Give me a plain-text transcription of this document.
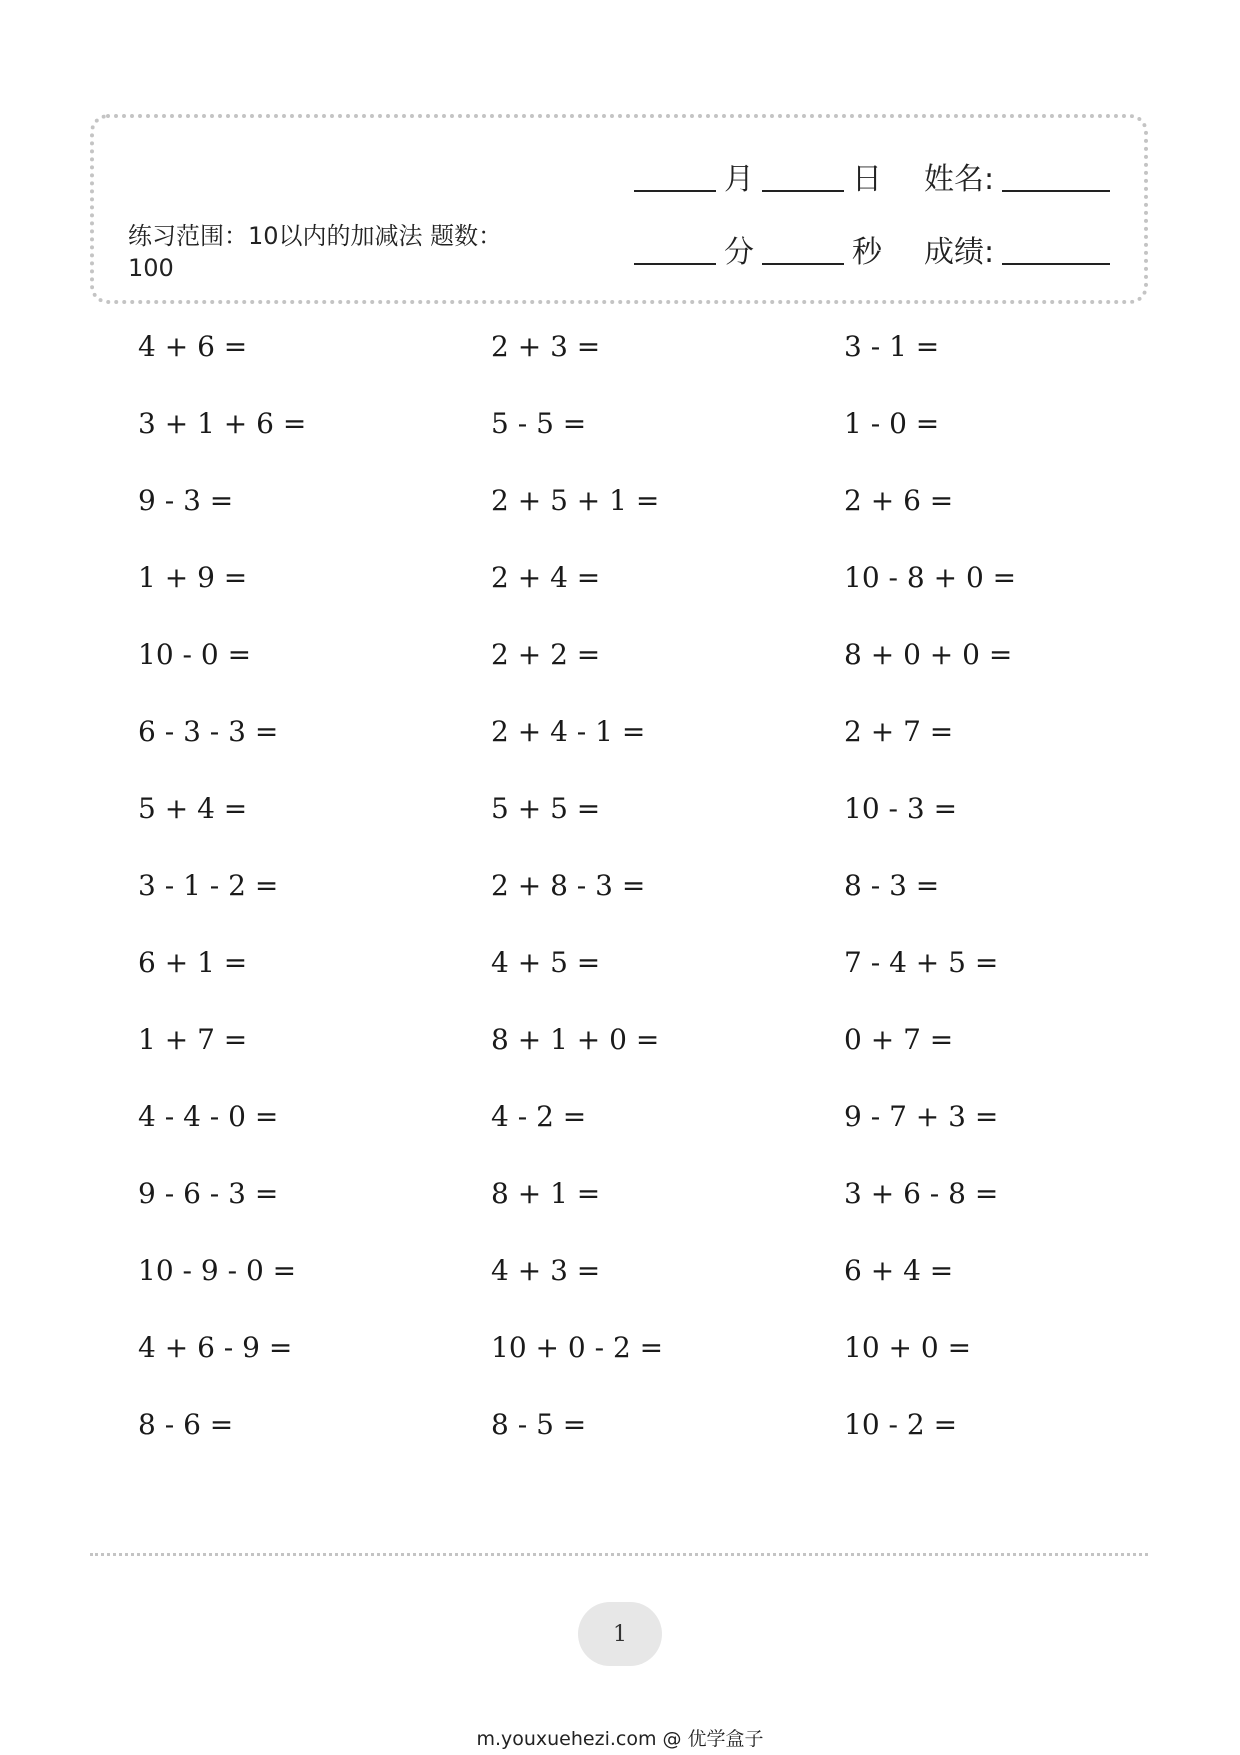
练习范围：10以内的加减法 题数：100
月	日 姓名:
分	秒 成绩:
4 + 6 =	2 + 3 =	3 - 1 =
3 + 1 + 6 =	5 - 5 =	1 - 0 =
9 - 3 =	2 + 5 + 1 =	2 + 6 =
1 + 9 =	2 + 4 =	10 - 8 + 0 =
10 - 0 =	2 + 2 =	8 + 0 + 0 =
6 - 3 - 3 =	2 + 4 - 1 =	2 + 7 =
5 + 4 =	5 + 5 =	10 - 3 =
3 - 1 - 2 =	2 + 8 - 3 =	8 - 3 =
6 + 1 =	4 + 5 =	7 - 4 + 5 =
1 + 7 =	8 + 1 + 0 =	0 + 7 =
4 - 4 - 0 =	4 - 2 =	9 - 7 + 3 =
9 - 6 - 3 =	8 + 1 =	3 + 6 - 8 =
10 - 9 - 0 =	4 + 3 =	6 + 4 =
4 + 6 - 9 =	10 + 0 - 2 =	10 + 0 =
8 - 6 =	8 - 5 =	10 - 2 =
1
m.youxuehezi.com @ 优学盒子
